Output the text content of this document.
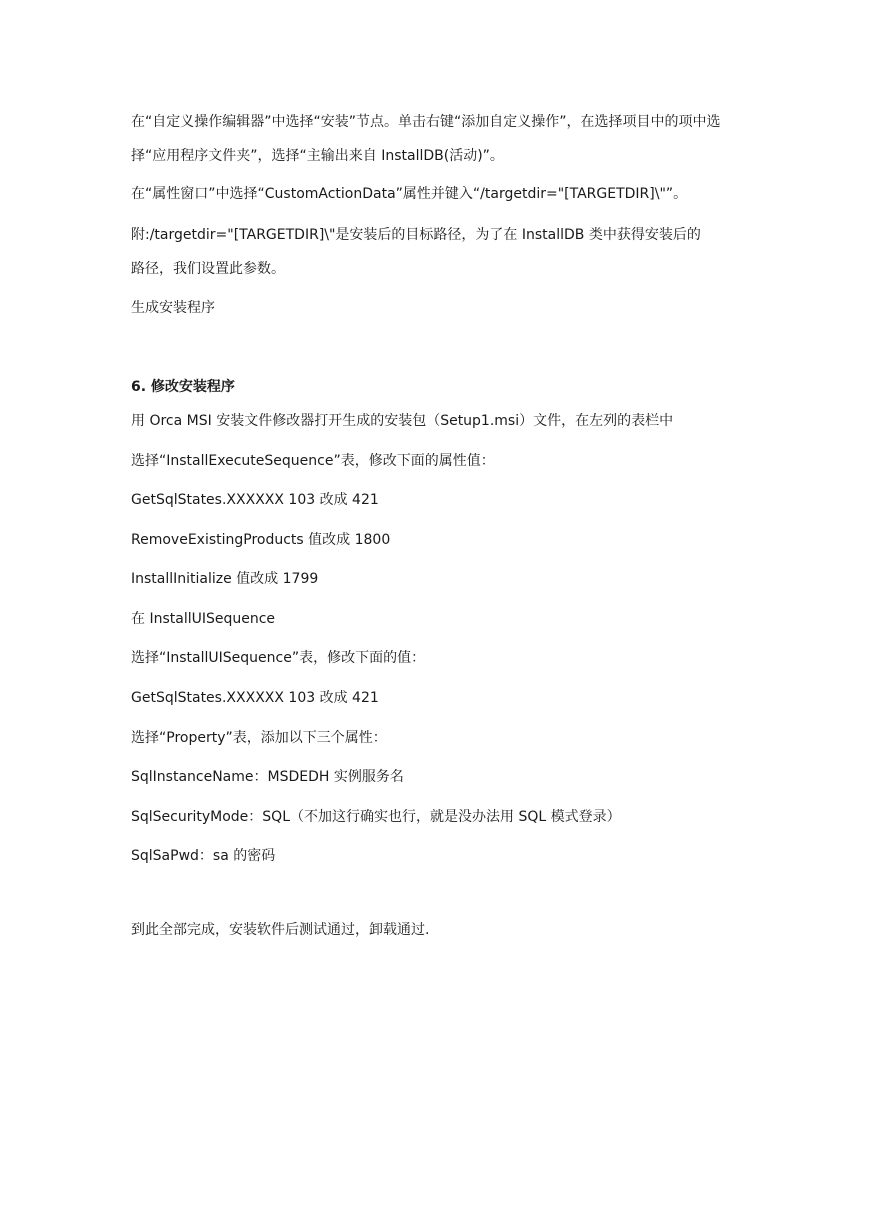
在“自定义操作编辑器”中选择“安装”节点。单击右键“添加自定义操作”，在选择项目中的项中选
择“应用程序文件夹”，选择“主输出来自 InstallDB(活动)”。
在“属性窗口”中选择“CustomActionData”属性并键入“/targetdir="[TARGETDIR]\"”。
附:/targetdir="[TARGETDIR]\"是安装后的目标路径，为了在 InstallDB 类中获得安装后的
路径，我们设置此参数。
生成安装程序
6. 修改安装程序
用 Orca MSI 安装文件修改器打开生成的安装包（Setup1.msi）文件，在左列的表栏中
选择“InstallExecuteSequence”表，修改下面的属性值：
GetSqlStates.XXXXXX 103 改成 421
RemoveExistingProducts 值改成 1800
InstallInitialize 值改成 1799
在 InstallUISequence
选择“InstallUISequence”表，修改下面的值：
GetSqlStates.XXXXXX 103 改成 421
选择“Property”表，添加以下三个属性：
SqlInstanceName：MSDEDH 实例服务名
SqlSecurityMode：SQL（不加这行确实也行，就是没办法用 SQL 模式登录）
SqlSaPwd：sa 的密码
到此全部完成，安装软件后测试通过，卸载通过.
